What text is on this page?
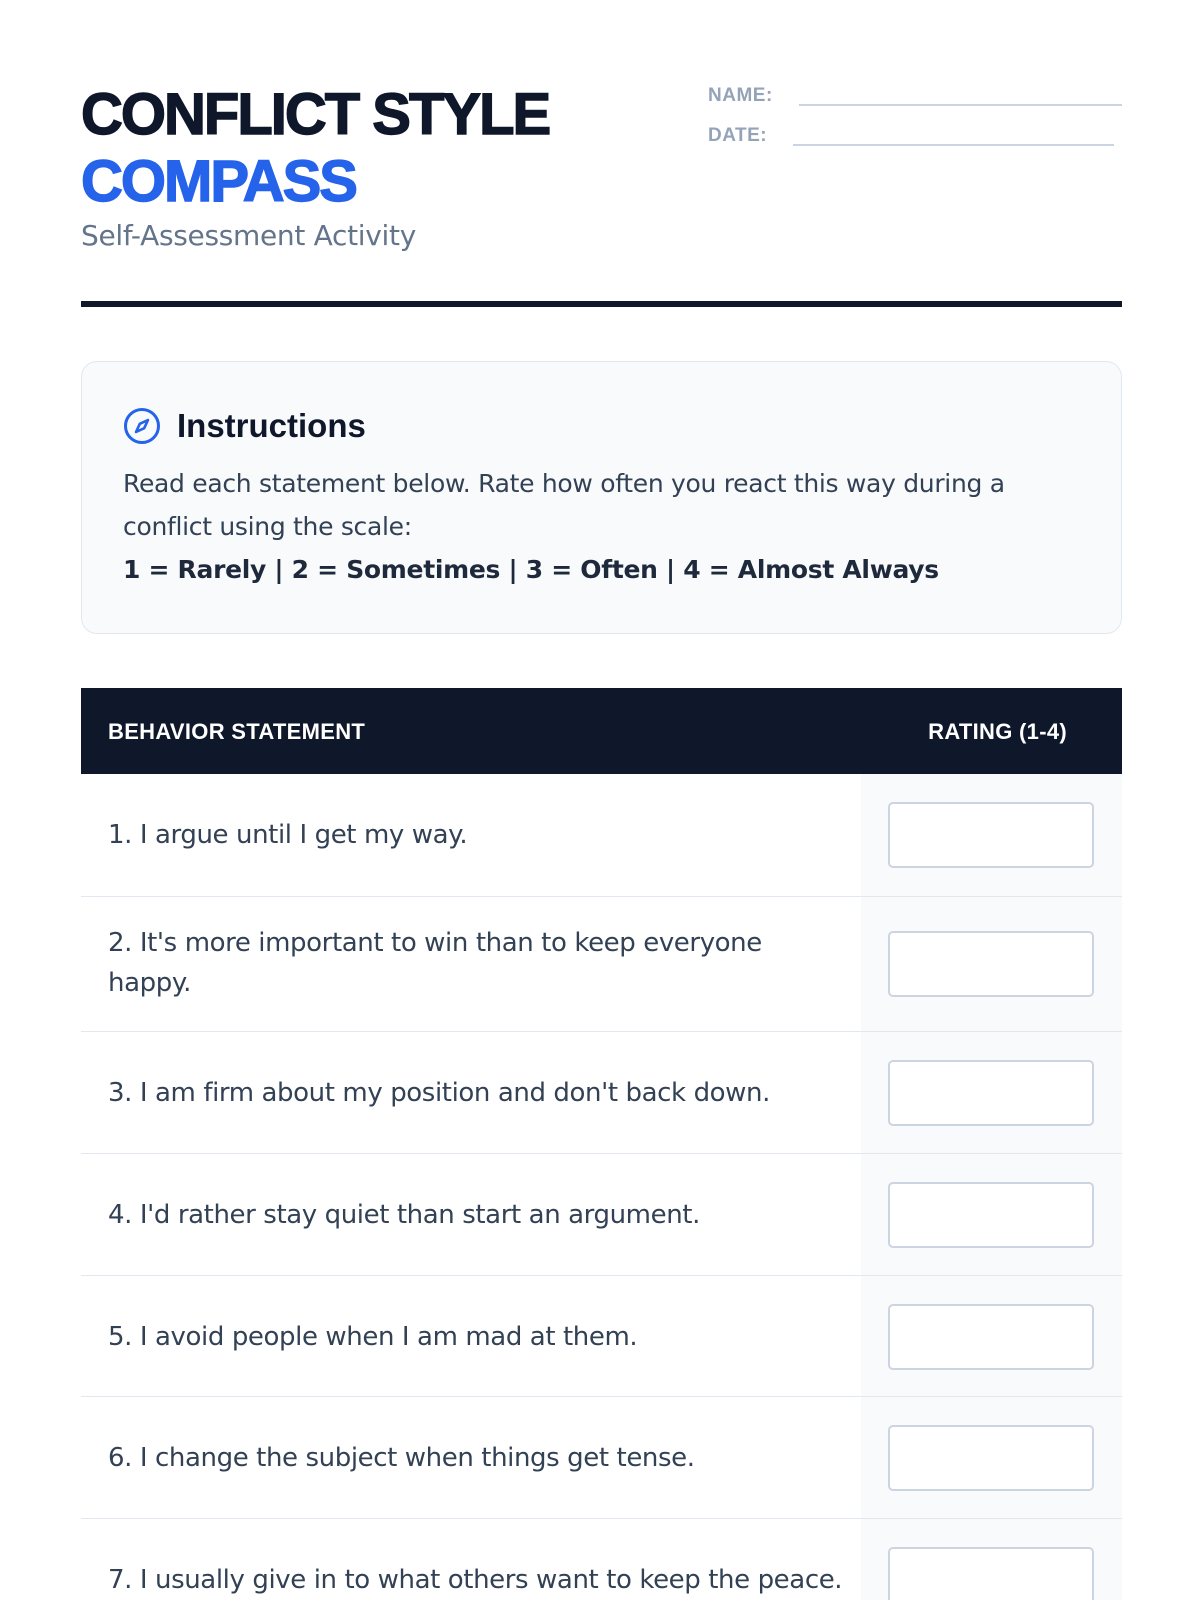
CONFLICT STYLE
COMPASS
Self-Assessment Activity
NAME:
DATE:
Instructions
Read each statement below. Rate how often you react this way during a conflict using the scale:
1 = Rarely | 2 = Sometimes | 3 = Often | 4 = Almost Always
BEHAVIOR STATEMENT	RATING (1-4)
1. I argue until I get my way.
2. It's more important to win than to keep everyone happy.
3. I am firm about my position and don't back down.
4. I'd rather stay quiet than start an argument.
5. I avoid people when I am mad at them.
6. I change the subject when things get tense.
7. I usually give in to what others want to keep the peace.
